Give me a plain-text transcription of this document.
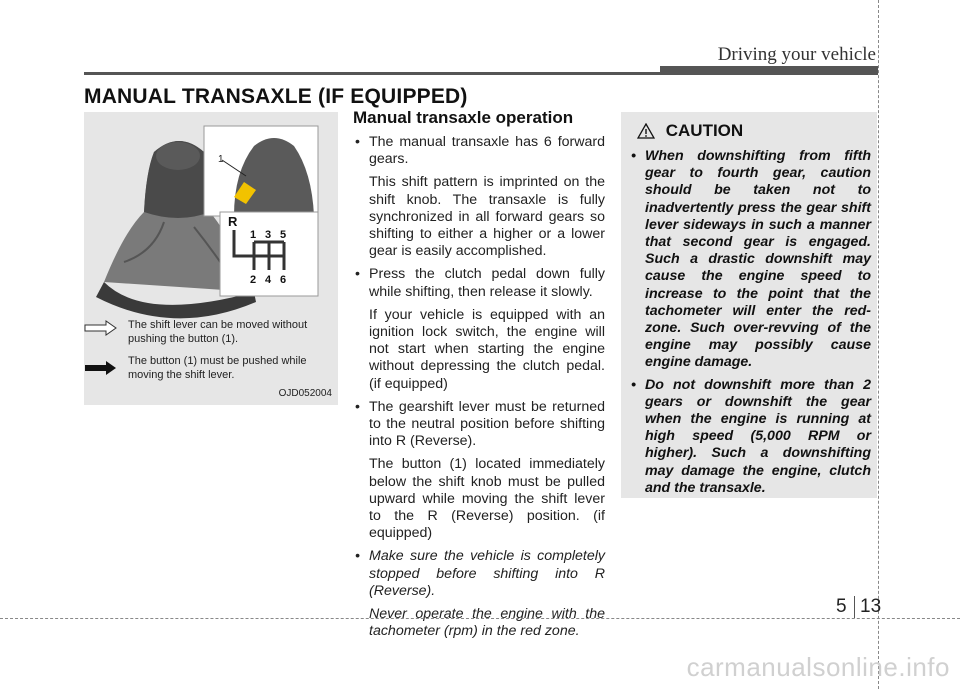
Driving your vehicle
MANUAL TRANSAXLE (IF EQUIPPED)
1
R
1 3 5
2 4 6
The shift lever can be moved without pushing the button (1).
The button (1) must be pushed while moving the shift lever.
OJD052004
Manual transaxle operation
• The manual transaxle has 6 forward gears.
This shift pattern is imprinted on the shift knob. The transaxle is fully synchronized in all forward gears so shifting to either a higher or a lower gear is easily accomplished.
• Press the clutch pedal down fully while shifting, then release it slowly.
If your vehicle is equipped with an ignition lock switch, the engine will not start when starting the engine without depressing the clutch pedal. (if equipped)
• The gearshift lever must be returned to the neutral position before shifting into R (Reverse).
The button (1) located immediately below the shift knob must be pulled upward while moving the shift lever to the R (Reverse) position. (if equipped)
• Make sure the vehicle is completely stopped before shifting into R (Reverse).
Never operate the engine with the tachometer (rpm) in the red zone.
CAUTION
• When downshifting from fifth gear to fourth gear, caution should be taken not to inadvertently press the gear shift lever sideways in such a manner that second gear is engaged. Such a drastic downshift may cause the engine speed to increase to the point that the tachometer will enter the red-zone. Such over-revving of the engine may possibly cause engine damage.
• Do not downshift more than 2 gears or downshift the gear when the engine is running at high speed (5,000 RPM or higher). Such a downshifting may damage the engine, clutch and the transaxle.
5 13
carmanualsonline.info
